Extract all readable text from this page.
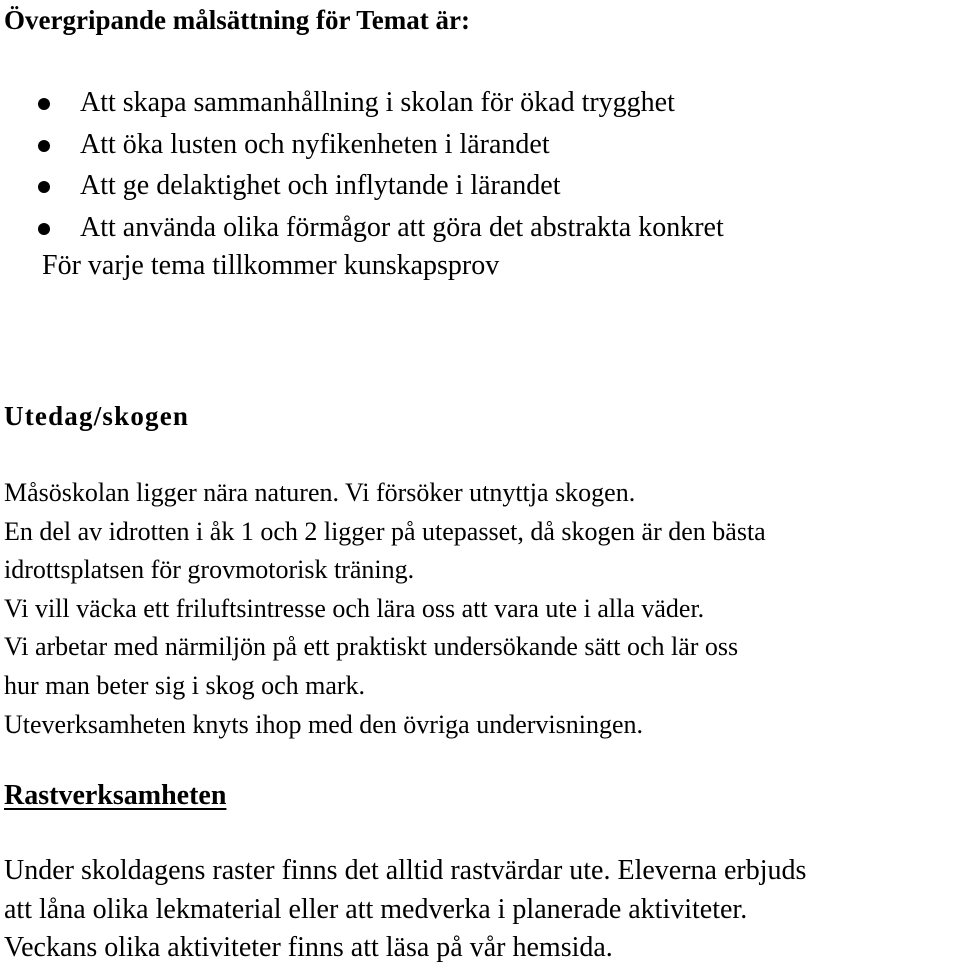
Övergripande målsättning för Temat är:
Att skapa sammanhållning i skolan för ökad trygghet
Att öka lusten och nyfikenheten i lärandet
Att ge delaktighet och inflytande i lärandet
Att använda olika förmågor att göra det abstrakta konkret

För varje tema tillkommer kunskapsprov

Utedag/skogen
Måsöskolan ligger nära naturen. Vi försöker utnyttja skogen.
En del av idrotten i åk 1 och 2 ligger på utepasset, då skogen är den bästa
idrottsplatsen för grovmotorisk träning.
Vi vill väcka ett friluftsintresse och lära oss att vara ute i alla väder.
Vi arbetar med närmiljön på ett praktiskt undersökande sätt och lär oss
hur man beter sig i skog och mark.
Uteverksamheten knyts ihop med den övriga undervisningen.
Rastverksamheten
Under skoldagens raster finns det alltid rastvärdar ute. Eleverna erbjuds
att låna olika lekmaterial eller att medverka i planerade aktiviteter.
Veckans olika aktiviteter finns att läsa på vår hemsida.
